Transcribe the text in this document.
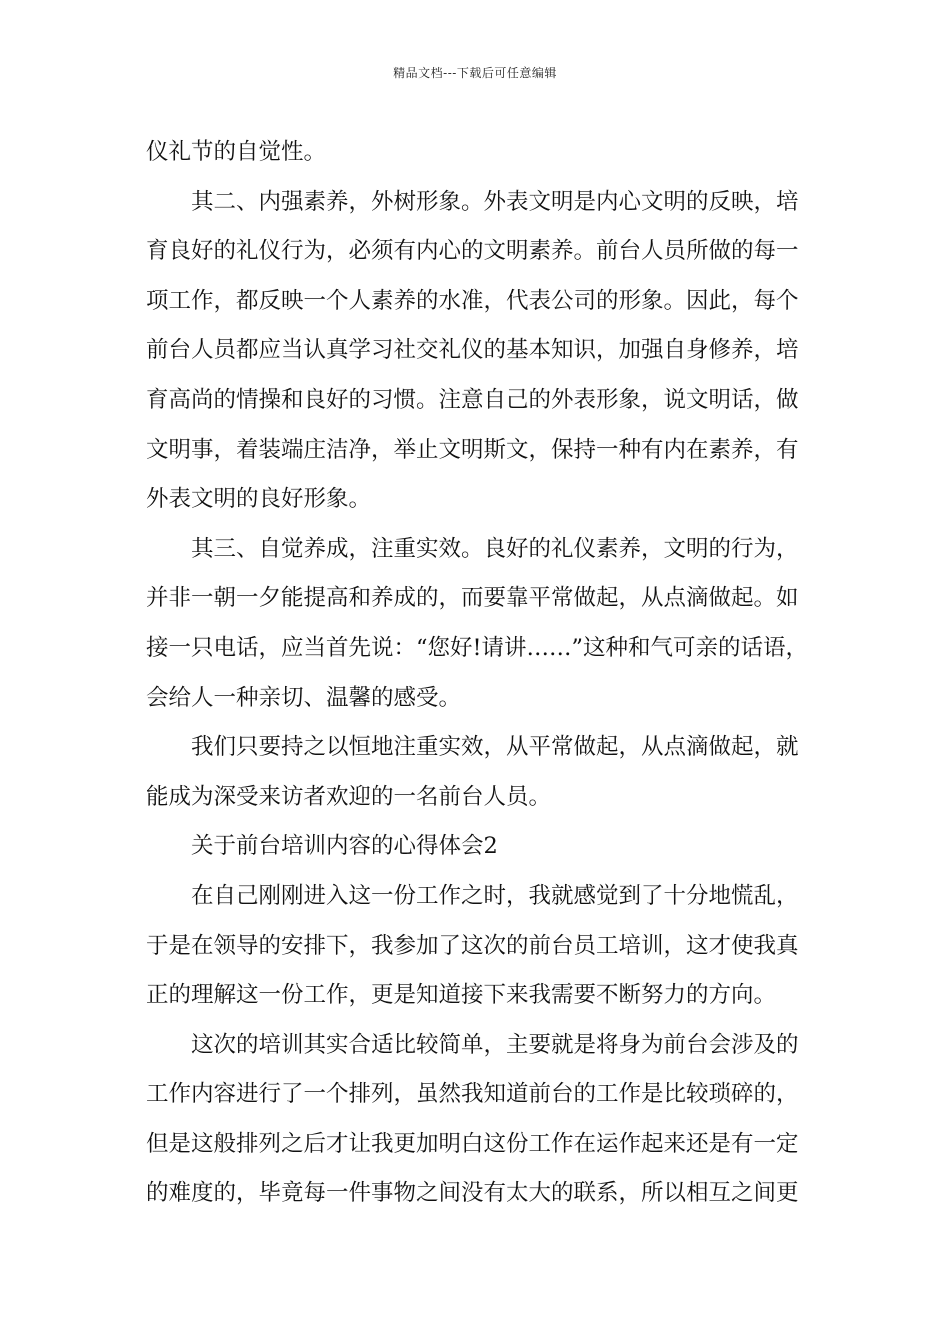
精品文档---下载后可任意编辑
仪礼节的自觉性。
其二、内强素养，外树形象。外表文明是内心文明的反映，培
育良好的礼仪行为，必须有内心的文明素养。前台人员所做的每一
项工作，都反映一个人素养的水准，代表公司的形象。因此，每个
前台人员都应当认真学习社交礼仪的基本知识，加强自身修养，培
育高尚的情操和良好的习惯。注意自己的外表形象，说文明话，做
文明事，着装端庄洁净，举止文明斯文，保持一种有内在素养，有
外表文明的良好形象。
其三、自觉养成，注重实效。良好的礼仪素养，文明的行为，
并非一朝一夕能提高和养成的，而要靠平常做起，从点滴做起。如
接一只电话，应当首先说：“您好!请讲……”这种和气可亲的话语，
会给人一种亲切、温馨的感受。
我们只要持之以恒地注重实效，从平常做起，从点滴做起，就
能成为深受来访者欢迎的一名前台人员。
关于前台培训内容的心得体会2
在自己刚刚进入这一份工作之时，我就感觉到了十分地慌乱，
于是在领导的安排下，我参加了这次的前台员工培训，这才使我真
正的理解这一份工作，更是知道接下来我需要不断努力的方向。
这次的培训其实合适比较简单，主要就是将身为前台会涉及的
工作内容进行了一个排列，虽然我知道前台的工作是比较琐碎的，
但是这般排列之后才让我更加明白这份工作在运作起来还是有一定
的难度的，毕竟每一件事物之间没有太大的联系，所以相互之间更
